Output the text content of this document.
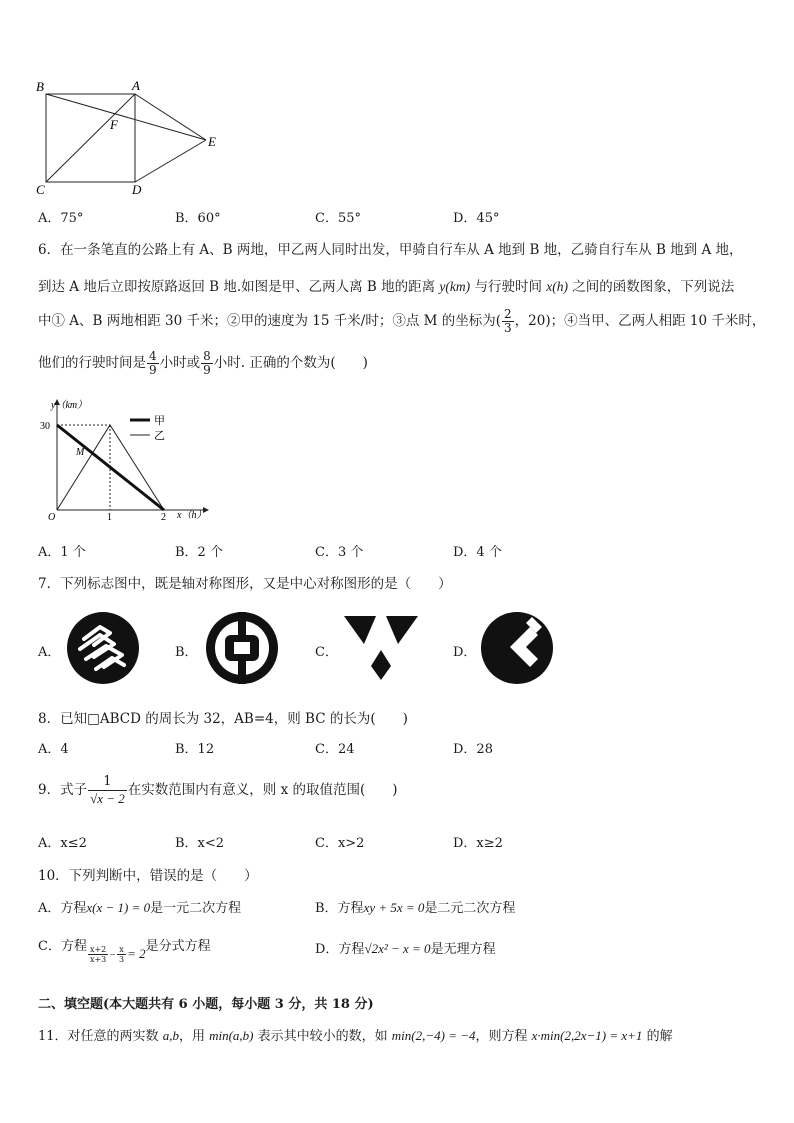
B	A
F
E
C	D
A．75°	B．60°	C．55°	D．45°
6．在一条笔直的公路上有 A、B 两地，甲乙两人同时出发，甲骑自行车从 A 地到 B 地，乙骑自行车从 B 地到 A 地，
到达 A 地后立即按原路返回 B 地.如图是甲、乙两人离 B 地的距离 y(km) 与行驶时间 x(h) 之间的函数图象，下列说法
中① A、B 两地相距 30 千米；②甲的速度为 15 千米/时；③点 M 的坐标为( $\frac{2}{3}$ ，20)；④当甲、乙两人相距 10 千米时，
他们的行驶时间是 $\frac{4}{9}$ 小时或 $\frac{8}{9}$ 小时. 正确的个数为(　　)
甲
乙
y（km）
x（h）
30
O	1	2
M
A．1 个	B．2 个	C．3 个	D．4 个
7．下列标志图中，既是轴对称图形，又是中心对称图形的是（　　）
A．	B．	C．	D．
8．已知□ABCD 的周长为 32，AB=4，则 BC 的长为(　　)
A．4	B．12	C．24	D．28
9．式子 $\frac{1}{√x - 2}$ 在实数范围内有意义，则 x 的取值范围(　　)
A．x≤2	B．x<2	C．x>2	D．x≥2
10．下列判断中，错误的是（　　）
A．方程x(x − 1) = 0是一元二次方程	B．方程xy + 5x = 0是二元二次方程
C．方程 $\frac{x+2}{x+3} - \frac{x}{3} = 2$是分式方程	D．方程√2x² − x = 0是无理方程
二、填空题(本大题共有 6 小题，每小题 3 分，共 18 分)
11．对任意的两实数 a,b，用 min(a,b) 表示其中较小的数，如 min(2,−4) = −4，则方程 x·min(2,2x−1) = x+1 的解
